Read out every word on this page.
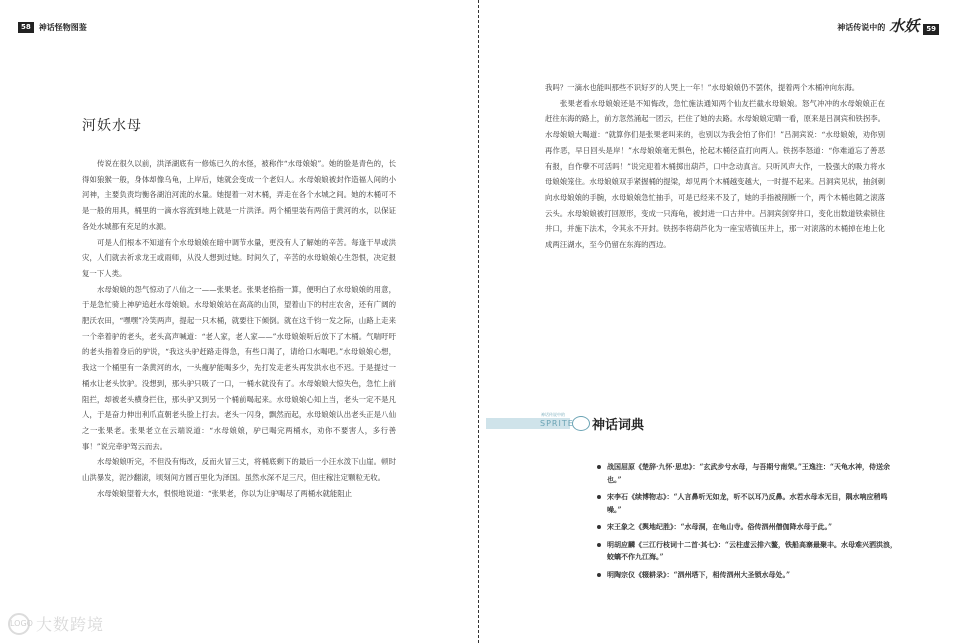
58	神话怪物图鉴
河妖水母

传说在很久以前，洪泽湖底有一修炼已久的水怪，被称作“水母娘娘”。她的脸是青色的，长得如狼猴一般，身体却像乌龟，上岸后，她就会变成一个老妇人。水母娘娘被封作造福人间的小河神，主要负责均衡各湖泊河流的水量。她提着一对木桶，弄走在各个水城之间。她的木桶可不是一般的用具，桶里的一滴水容流到地上就是一片洪泽。两个桶里装有两倍于黄河的水，以保证各处水城都有充足的水源。

可是人们根本不知道有个水母娘娘在暗中调节水量，更没有人了解她的辛苦。每逢干旱或洪灾，人们就去祈求龙王或雨师，从没人想到过她。时间久了，辛苦的水母娘娘心生怨恨，决定报复一下人类。

水母娘娘的怨气惊动了八仙之一——张果老。张果老掐指一算，便明白了水母娘娘的用意，于是急忙骑上神驴追赶水母娘娘。水母娘娘站在高高的山顶，望着山下的村庄农舍，还有广阔的肥沃农田，“嘿嘿”冷笑两声，提起一只木桶，就要往下倾倒。就在这千钧一发之际，山路上走来一个牵着驴的老头，老头高声喊道：“老人家，老人家——”水母娘娘听后放下了木桶。气喘吁吁的老头指着身后的驴说，“我这头驴赶路走得急，有些口渴了，请给口水喝吧。”水母娘娘心想，我这一个桶里有一条黄河的水，一头瘦驴能喝多少，先打发走老头再发洪水也不迟。于是提过一桶水让老头饮驴。没想到，那头驴只吸了一口，一桶水就没有了。水母娘娘大惊失色，急忙上前阻拦，却被老头横身拦住，那头驴又到另一个桶前喝起来。水母娘娘心知上当，老头一定不是凡人，于是奋力伸出利爪直朝老头脸上打去。老头一闪身，飘然而起，水母娘娘认出老头正是八仙之一张果老。张果老立在云端说道：“水母娘娘，驴已喝完两桶水，劝你不要害人，多行善事！”说完牵驴驾云而去。

水母娘娘听完，不但没有悔改，反而火冒三丈，将桶底剩下的最后一小汪水泼下山崖。顿时山洪暴发，泥沙翻滚，顷刻间方圆百里化为泽国。虽然水深不足三尺，但庄稼注定颗粒无收。

水母娘娘望着大水，恨恨地说道：“张果老，你以为让驴喝尽了两桶水就能阻止

神话传说中的 水妖	59

我吗？一滴水也能叫那些不识好歹的人哭上一年！”水母娘娘仍不罢休，提着两个木桶冲向东海。

张果老看水母娘娘还是不知悔改，急忙施法通知两个仙友拦截水母娘娘。怒气冲冲的水母娘娘正在赶往东海的路上，前方忽然涌起一团云，拦住了她的去路。水母娘娘定睛一看，原来是吕洞宾和铁拐李。水母娘娘大喝道：“就算你们是张果老叫来的，也别以为我会怕了你们！”吕洞宾说：“水母娘娘，劝你别再作恶，早日回头是岸！”水母娘娘毫无惧色，抡起木桶径直打向两人。铁拐李怒道：“你难道忘了善恶有报，自作孽不可活吗！”说完迎着木桶掷出葫芦，口中念动真言。只听风声大作，一股强大的吸力将水母娘娘笼住。水母娘娘双手紧握桶的提梁，却见两个木桶越变越大，一时提不起来。吕洞宾见状，抽剑刺向水母娘娘的手腕，水母娘娘急忙抽手，可是已经来不及了，她的手指被削断一个，两个木桶也随之滚落云头。水母娘娘被打回原形，变成一只海龟，被封进一口古井中。吕洞宾剑穿井口，变化出数道铁索锁住井口，并施下法术，令其永不开封。铁拐李将葫芦化为一座宝塔镇压井上，那一对滚落的木桶掉在地上化成两汪湖水，至今仍留在东海的西边。

神话传说中的
SPRITE 神话词典
战国屈原《楚辞·九怀·思忠》：“玄武步兮水母，与吾期兮南荣。”王逸注：“天龟水神，侍送余也。”
宋李石《续博物志》：“人言鼻听无如龙，听不以耳乃反鼻。水若水母本无目，隅水响应稍鸣噪。”
宋王象之《舆地纪胜》：“水母洞，在龟山寺。俗传泗州僧伽降水母于此。”
明胡应麟《三江行枝词十二首·其七》：“云柱虚云排六鳌，铁船高寨最聚丰。水母难兴洒洪浪，蛟螭不作九江海。”
明陶宗仪《辍耕录》：“泗州塔下，相传泗州大圣锁水母处。”
LOGO 大数跨境
